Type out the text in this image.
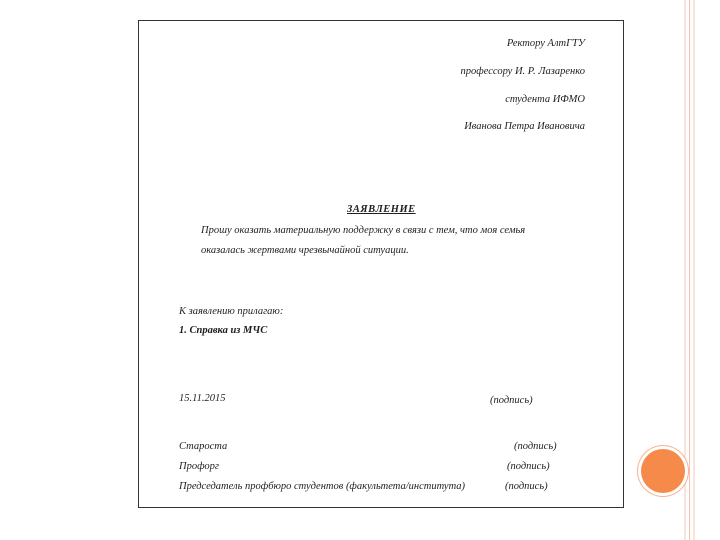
Ректору АлтГТУ
профессору И. Р. Лазаренко
студента ИФМО
Иванова Петра Ивановича
ЗАЯВЛЕНИЕ
Прошу оказать материальную поддержку в связи с тем, что моя семья
оказалась жертвами чрезвычайной ситуации.
К заявлению прилагаю:
1. Справка из МЧС
15.11.2015	(подпись)
Староста	(подпись)
Профорг	(подпись)
Председатель профбюро студентов (факультета/института)	(подпись)
